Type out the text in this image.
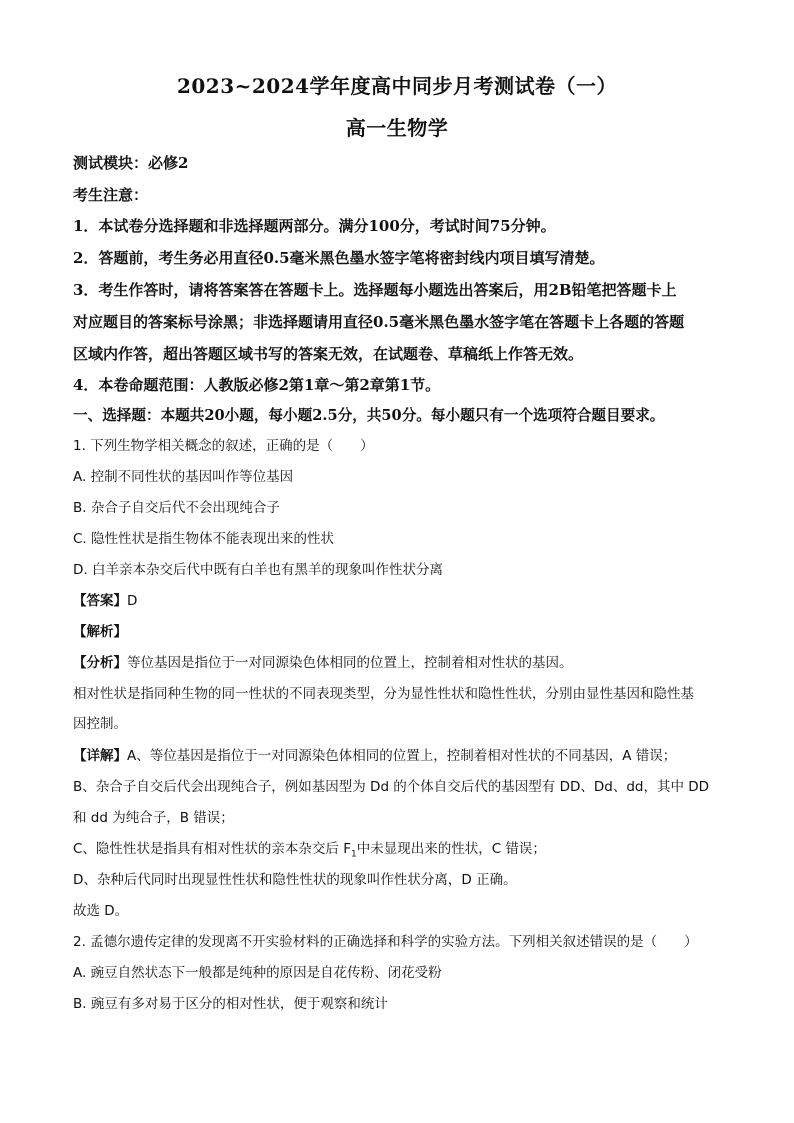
2023~2024学年度高中同步月考测试卷（一）
高一生物学
测试模块：必修2
考生注意：
1．本试卷分选择题和非选择题两部分。满分100分，考试时间75分钟。
2．答题前，考生务必用直径0.5毫米黑色墨水签字笔将密封线内项目填写清楚。
3．考生作答时，请将答案答在答题卡上。选择题每小题选出答案后，用2B铅笔把答题卡上
对应题目的答案标号涂黑；非选择题请用直径0.5毫米黑色墨水签字笔在答题卡上各题的答题
区域内作答，超出答题区域书写的答案无效，在试题卷、草稿纸上作答无效。
4．本卷命题范围：人教版必修2第1章～第2章第1节。
一、选择题：本题共20小题，每小题2.5分，共50分。每小题只有一个选项符合题目要求。
1. 下列生物学相关概念的叙述，正确的是（　　）
A. 控制不同性状的基因叫作等位基因
B. 杂合子自交后代不会出现纯合子
C. 隐性性状是指生物体不能表现出来的性状
D. 白羊亲本杂交后代中既有白羊也有黑羊的现象叫作性状分离
【答案】D
【解析】
【分析】等位基因是指位于一对同源染色体相同的位置上，控制着相对性状的基因。
相对性状是指同种生物的同一性状的不同表现类型，分为显性性状和隐性性状，分别由显性基因和隐性基
因控制。
【详解】A、等位基因是指位于一对同源染色体相同的位置上，控制着相对性状的不同基因，A 错误；
B、杂合子自交后代会出现纯合子，例如基因型为 Dd 的个体自交后代的基因型有 DD、Dd、dd，其中 DD
和 dd 为纯合子，B 错误；
C、隐性性状是指具有相对性状的亲本杂交后 $F_1$中未显现出来的性状，C 错误；
D、杂种后代同时出现显性性状和隐性性状的现象叫作性状分离，D 正确。
故选 D。
2. 孟德尔遗传定律的发现离不开实验材料的正确选择和科学的实验方法。下列相关叙述错误的是（　　）
A. 豌豆自然状态下一般都是纯种的原因是自花传粉、闭花受粉
B. 豌豆有多对易于区分的相对性状，便于观察和统计
